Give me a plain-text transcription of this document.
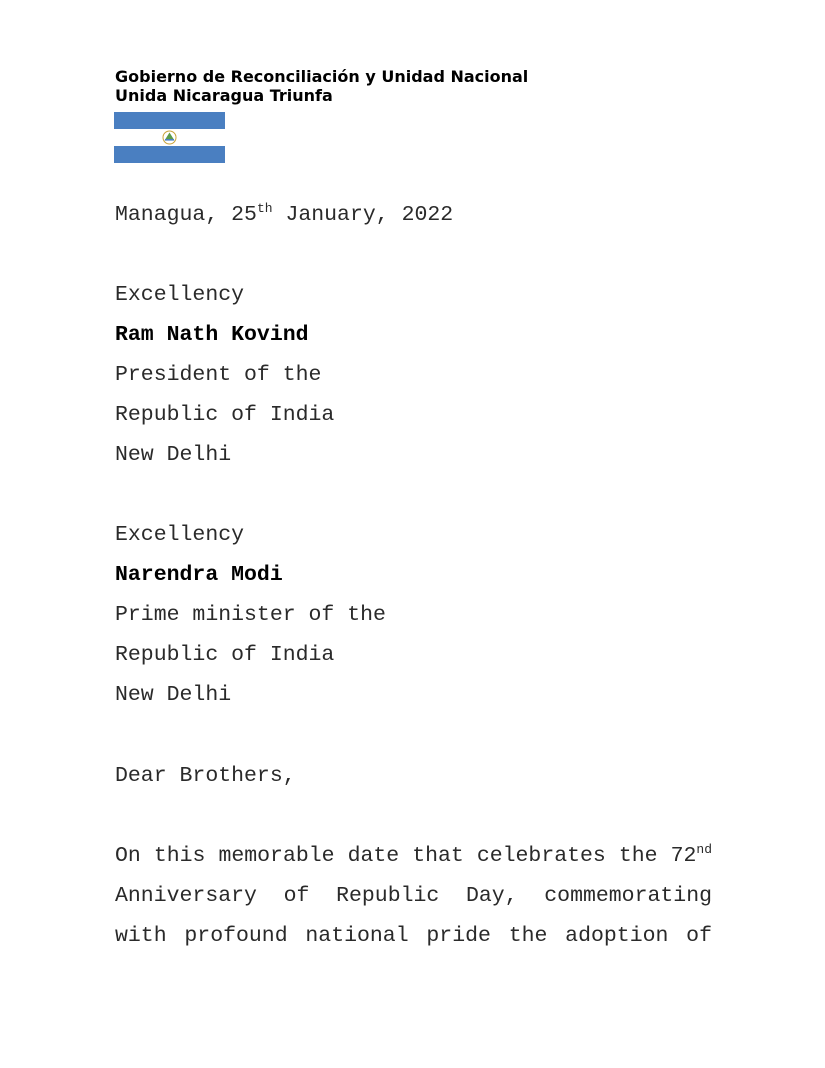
Gobierno de Reconciliación y Unidad Nacional
Unida Nicaragua Triunfa
Managua, 25th January, 2022
Excellency
Ram Nath Kovind
President of the
Republic of India
New Delhi
Excellency
Narendra Modi
Prime minister of the
Republic of India
New Delhi
Dear Brothers,
On this memorable date that celebrates the 72nd
Anniversary of Republic Day, commemorating
with profound national pride the adoption of
